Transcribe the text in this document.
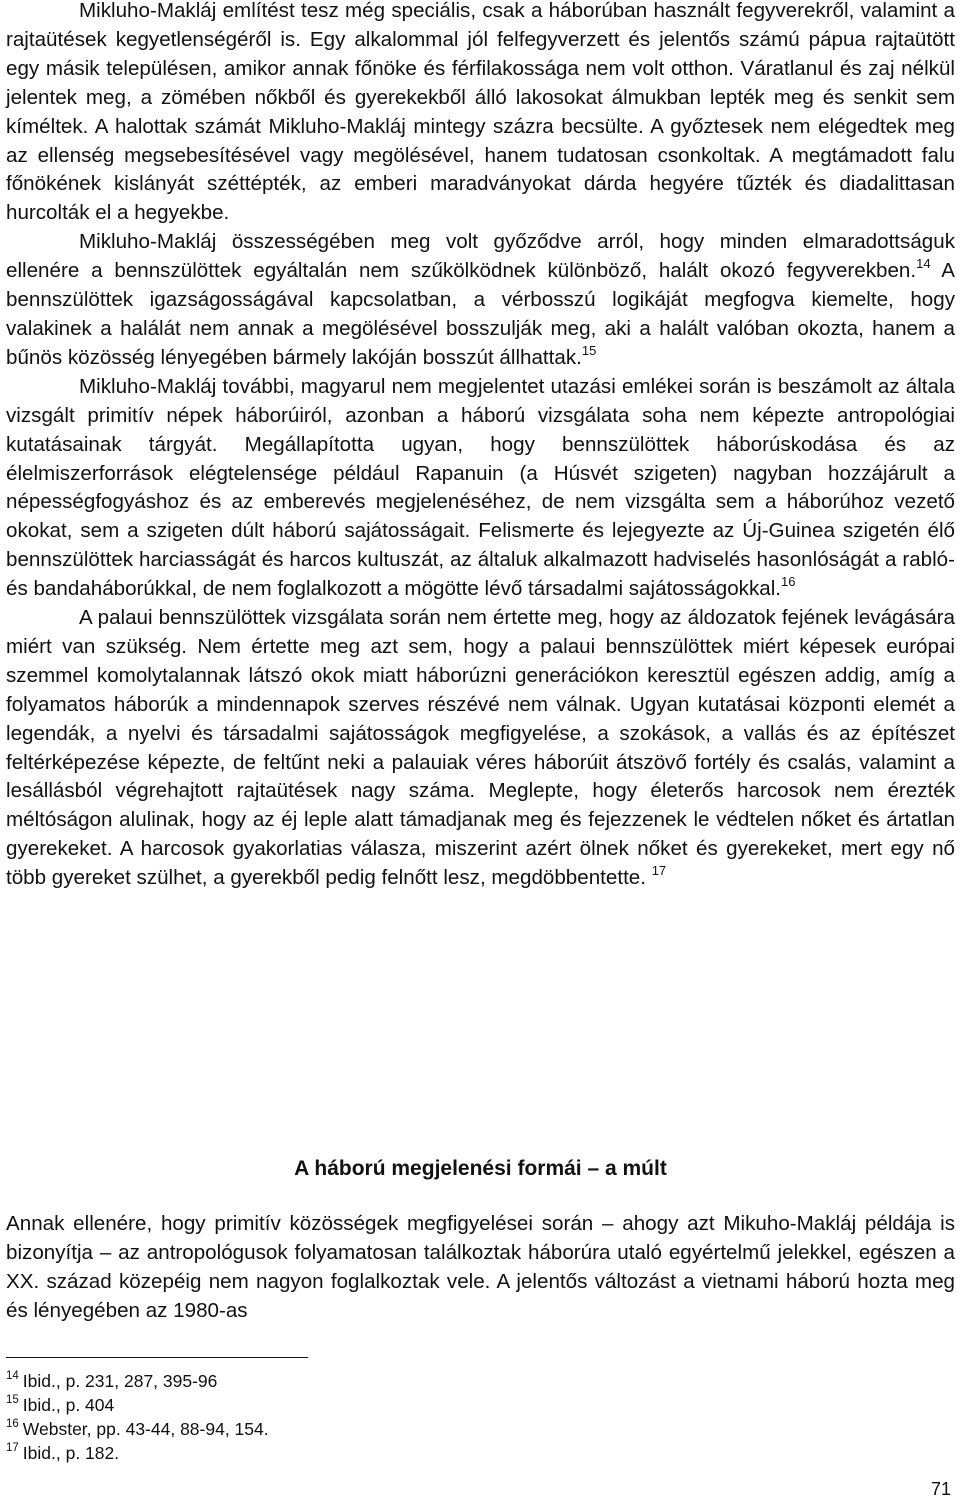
Mikluho-Makláj említést tesz még speciális, csak a háborúban használt fegyverekről, valamint a rajtaütések kegyetlenségéről is. Egy alkalommal jól felfegyverzett és jelentős számú pápua rajtaütött egy másik településen, amikor annak főnöke és férfilakossága nem volt otthon. Váratlanul és zaj nélkül jelentek meg, a zömében nőkből és gyerekekből álló lakosokat álmukban lepték meg és senkit sem kíméltek. A halottak számát Mikluho-Makláj mintegy százra becsülte. A győztesek nem elégedtek meg az ellenség megsebesítésével vagy megölésével, hanem tudatosan csonkoltak. A megtámadott falu főnökének kislányát széttépték, az emberi maradványokat dárda hegyére tűzték és diadalittasan hurcolták el a hegyekbe.

Mikluho-Makláj összességében meg volt győződve arról, hogy minden elmaradottságuk ellenére a bennszülöttek egyáltalán nem szűkölködnek különböző, halált okozó fegyverekben.$^{14}$ A bennszülöttek igazságosságával kapcsolatban, a vérbosszú logikáját megfogva kiemelte, hogy valakinek a halálát nem annak a megölésével bosszulják meg, aki a halált valóban okozta, hanem a bűnös közösség lényegében bármely lakóján bosszút állhattak.$^{15}$

Mikluho-Makláj további, magyarul nem megjelentet utazási emlékei során is beszámolt az általa vizsgált primitív népek háborúiról, azonban a háború vizsgálata soha nem képezte antropológiai kutatásainak tárgyát. Megállapította ugyan, hogy bennszülöttek háborúskodása és az élelmiszerforrások elégtelensége például Rapanuin (a Húsvét szigeten) nagyban hozzájárult a népességfogyáshoz és az emberevés megjelenéséhez, de nem vizsgálta sem a háborúhoz vezető okokat, sem a szigeten dúlt háború sajátosságait. Felismerte és lejegyezte az Új-Guinea szigetén élő bennszülöttek harciasságát és harcos kultuszát, az általuk alkalmazott hadviselés hasonlóságát a rabló- és bandaháborúkkal, de nem foglalkozott a mögötte lévő társadalmi sajátosságokkal.$^{16}$

A palaui bennszülöttek vizsgálata során nem értette meg, hogy az áldozatok fejének levágására miért van szükség. Nem értette meg azt sem, hogy a palaui bennszülöttek miért képesek európai szemmel komolytalannak látszó okok miatt háborúzni generációkon keresztül egészen addig, amíg a folyamatos háborúk a mindennapok szerves részévé nem válnak. Ugyan kutatásai központi elemét a legendák, a nyelvi és társadalmi sajátosságok megfigyelése, a szokások, a vallás és az építészet feltérképezése képezte, de feltűnt neki a palauiak véres háborúit átszövő fortély és csalás, valamint a lesállásból végrehajtott rajtaütések nagy száma. Meglepte, hogy életerős harcosok nem érezték méltóságon alulinak, hogy az éj leple alatt támadjanak meg és fejezzenek le védtelen nőket és ártatlan gyerekeket. A harcosok gyakorlatias válasza, miszerint azért ölnek nőket és gyerekeket, mert egy nő több gyereket szülhet, a gyerekből pedig felnőtt lesz, megdöbbentette. $^{17}$

A háború megjelenési formái – a múlt

Annak ellenére, hogy primitív közösségek megfigyelései során – ahogy azt Mikuho-Makláj példája is bizonyítja – az antropológusok folyamatosan találkoztak háborúra utaló egyértelmű jelekkel, egészen a XX. század közepéig nem nagyon foglalkoztak vele. A jelentős változást a vietnami háború hozta meg és lényegében az 1980-as

$^{14}$ Ibid., p. 231, 287, 395-96
$^{15}$ Ibid., p. 404
$^{16}$ Webster, pp. 43-44, 88-94, 154.
$^{17}$ Ibid., p. 182.
71
